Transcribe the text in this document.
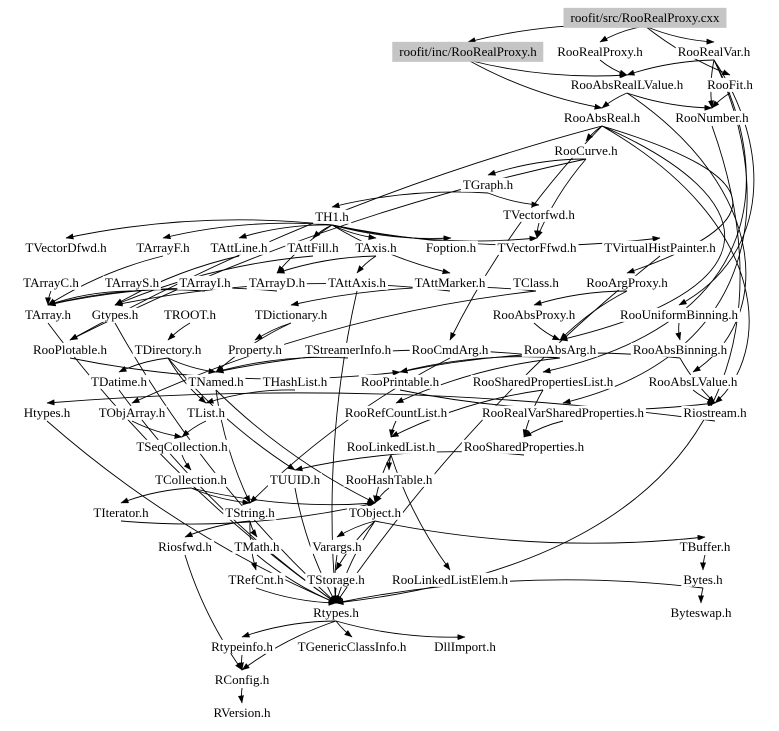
roofit/src/RooRealProxy.cxx
roofit/inc/RooRealProxy.h	RooRealProxy.h	RooRealVar.h
RooAbsRealLValue.h RooFit.h
RooAbsReal.h	RooNumber.h
RooCurve.h
TGraph.h
TVectorfwd.h
TH1.h
TVectorDfwd.h TArrayF.h TAttLine.h TAttFill.h TAxis.h Foption.h TVectorFfwd.h TVirtualHistPainter.h
TArrayC.h TArrayS.h TArrayI.h TArrayD.h TAttAxis.h TAttMarker.h TClass.h RooArgProxy.h
TArray.h Gtypes.h TROOT.h	TDictionary.h	RooAbsProxy.h	RooUniformBinning.h
RooPlotable.h TDirectory.h Property.h TStreamerInfo.h RooCmdArg.h	RooAbsArg.h	RooAbsBinning.h
TDatime.h	TNamed.h THashList.h	RooPrintable.h	RooSharedPropertiesList.h	RooAbsLValue.h
Htypes.h TObjArray.h TList.h	RooRefCountList.h	RooRealVarSharedProperties.h	Riostream.h
TSeqCollection.h	RooLinkedList.h RooSharedProperties.h
TCollection.h	TUUID.h RooHashTable.h
TIterator.h	TString.h	TObject.h
Riosfwd.h TMath.h	Varargs.h	TBuffer.h
TRefCnt.h TStorage.h RooLinkedListElem.h	Bytes.h
Rtypes.h	Byteswap.h
Rtypeinfo.h TGenericClassInfo.h DllImport.h
RConfig.h
RVersion.h
